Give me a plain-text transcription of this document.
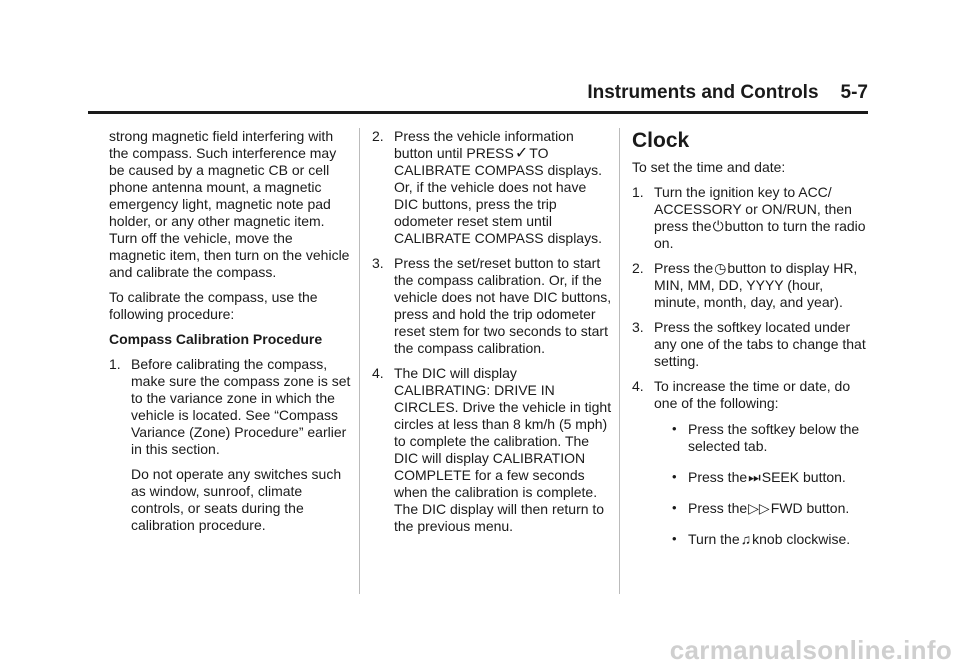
Instruments and Controls 5-7

strong magnetic field interfering with the compass. Such interference may be caused by a magnetic CB or cell phone antenna mount, a magnetic emergency light, magnetic note pad holder, or any other magnetic item. Turn off the vehicle, move the magnetic item, then turn on the vehicle and calibrate the compass.

To calibrate the compass, use the following procedure:

Compass Calibration Procedure

1. Before calibrating the compass, make sure the compass zone is set to the variance zone in which the vehicle is located. See “Compass Variance (Zone) Procedure” earlier in this section.

Do not operate any switches such as window, sunroof, climate controls, or seats during the calibration procedure.

2. Press the vehicle information button until PRESS✓TO CALIBRATE COMPASS displays. Or, if the vehicle does not have DIC buttons, press the trip odometer reset stem until CALIBRATE COMPASS displays.
3. Press the set/reset button to start the compass calibration. Or, if the vehicle does not have DIC buttons, press and hold the trip odometer reset stem for two seconds to start the compass calibration.
4. The DIC will display CALIBRATING: DRIVE IN CIRCLES. Drive the vehicle in tight circles at less than 8 km/h (5 mph) to complete the calibration. The DIC will display CALIBRATION COMPLETE for a few seconds when the calibration is complete. The DIC display will then return to the previous menu.
Clock

To set the time and date:

1. Turn the ignition key to ACC/ ACCESSORY or ON/RUN, then press the⏻button to turn the radio on.
2. Press the◷button to display HR, MIN, MM, DD, YYYY (hour, minute, month, day, and year).
3. Press the softkey located under any one of the tabs to change that setting.
4. To increase the time or date, do one of the following:
• Press the softkey below the selected tab.
• Press the⏭SEEK button.
• Press the▷▷FWD button.
• Turn the♫knob clockwise.
carmanualsonline.info
